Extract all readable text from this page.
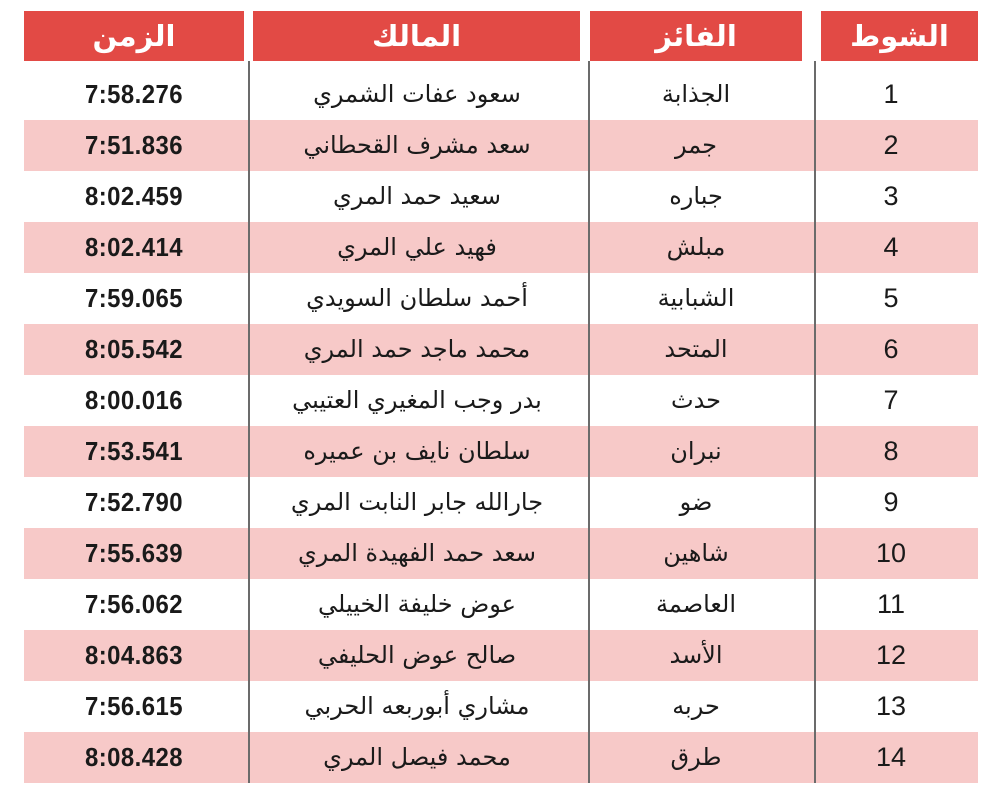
الزمن	المالك	الفائز	الشوط
7:58.276	سعود عفات الشمري	الجذابة	1
7:51.836	سعد مشرف القحطاني	جمر	2
8:02.459	سعيد حمد المري	جباره	3
8:02.414	فهيد علي المري	مبلش	4
7:59.065	أحمد سلطان السويدي	الشبابية	5
8:05.542	محمد ماجد حمد المري	المتحد	6
8:00.016	بدر وجب المغيري العتيبي	حدث	7
7:53.541	سلطان نايف بن عميره	نبران	8
7:52.790	جارالله جابر النابت المري	ضو	9
7:55.639	سعد حمد الفهيدة المري	شاهين	10
7:56.062	عوض خليفة الخييلي	العاصمة	11
8:04.863	صالح عوض الحليفي	الأسد	12
7:56.615	مشاري أبوربعه الحربي	حربه	13
8:08.428	محمد فيصل المري	طرق	14
